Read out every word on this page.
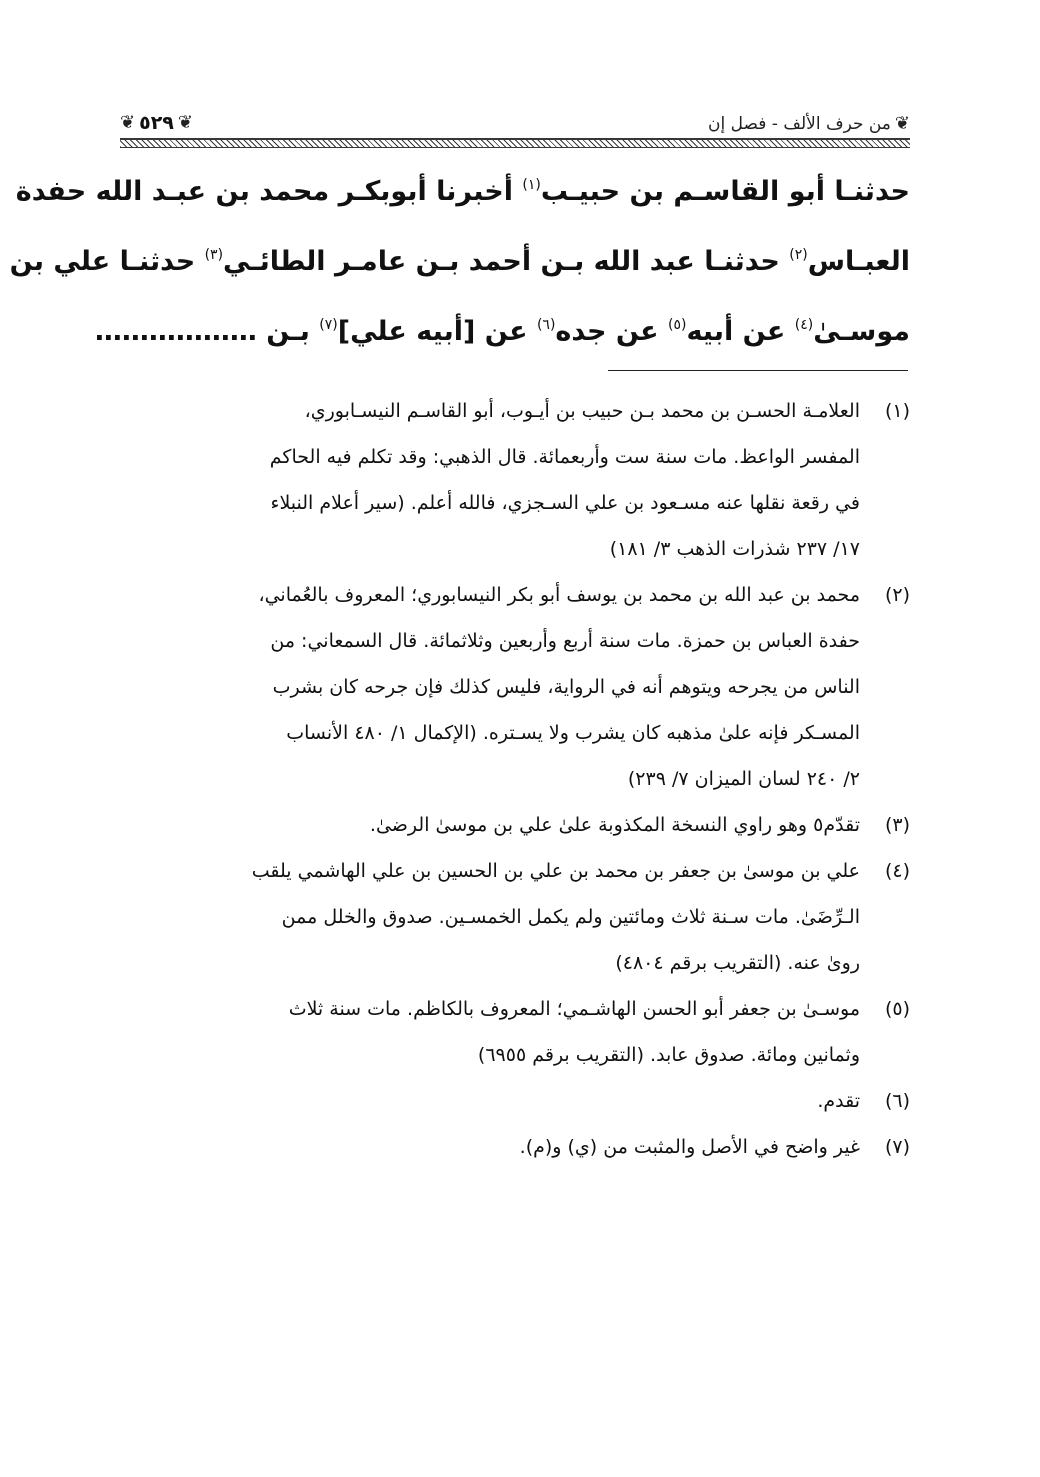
❦
من حرف الألف - فصل إن
❦
٥٢٩
❦
حدثنـا أبو القاسـم بن حبيـب$^{(١)}$ أخبرنا أبوبكـر محمد بن عبـد الله حفدة
العبـاس$^{(٢)}$ حدثنـا عبد الله بـن أحمد بـن عامـر الطائـي$^{(٣)}$ حدثنـا علي بن
موسـىٰ$^{(٤)}$ عن أبيه$^{(٥)}$ عن جده$^{(٦)}$ عن [أبيه علي]$^{(٧)}$ بـن ………………
(١)
العلامـة الحسـن بن محمد بـن حبيب بن أيـوب، أبو القاسـم النيسـابوري،
المفسر الواعظ. مات سنة ست وأربعمائة. قال الذهبي: وقد تكلم فيه الحاكم
في رقعة نقلها عنه مسـعود بن علي السـجزي، فالله أعلم. (سير أعلام النبلاء
١٧/ ٢٣٧ شذرات الذهب ٣/ ١٨١)
(٢)
محمد بن عبد الله بن محمد بن يوسف أبو بكر النيسابوري؛ المعروف بالعُماني،
حفدة العباس بن حمزة. مات سنة أربع وأربعين وثلاثمائة. قال السمعاني: من
الناس من يجرحه ويتوهم أنه في الرواية، فليس كذلك فإن جرحه كان بشرب
المسـكر فإنه علىٰ مذهبه كان يشرب ولا يسـتره. (الإكمال ١/ ٤٨٠ الأنساب
٢/ ٢٤٠ لسان الميزان ٧/ ٢٣٩)
(٣)
تقدّم٥ وهو راوي النسخة المكذوبة علىٰ علي بن موسىٰ الرضىٰ.
(٤)
علي بن موسىٰ بن جعفر بن محمد بن علي بن الحسين بن علي الهاشمي يلقب
الـرِّضَىٰ. مات سـنة ثلاث ومائتين ولم يكمل الخمسـين. صدوق والخلل ممن
روىٰ عنه. (التقريب برقم ٤٨٠٤)
(٥)
موسـىٰ بن جعفر أبو الحسن الهاشـمي؛ المعروف بالكاظم. مات سنة ثلاث
وثمانين ومائة. صدوق عابد. (التقريب برقم ٦٩٥٥)
(٦)
تقدم.
(٧)
غير واضح في الأصل والمثبت من (ي) و(م).
